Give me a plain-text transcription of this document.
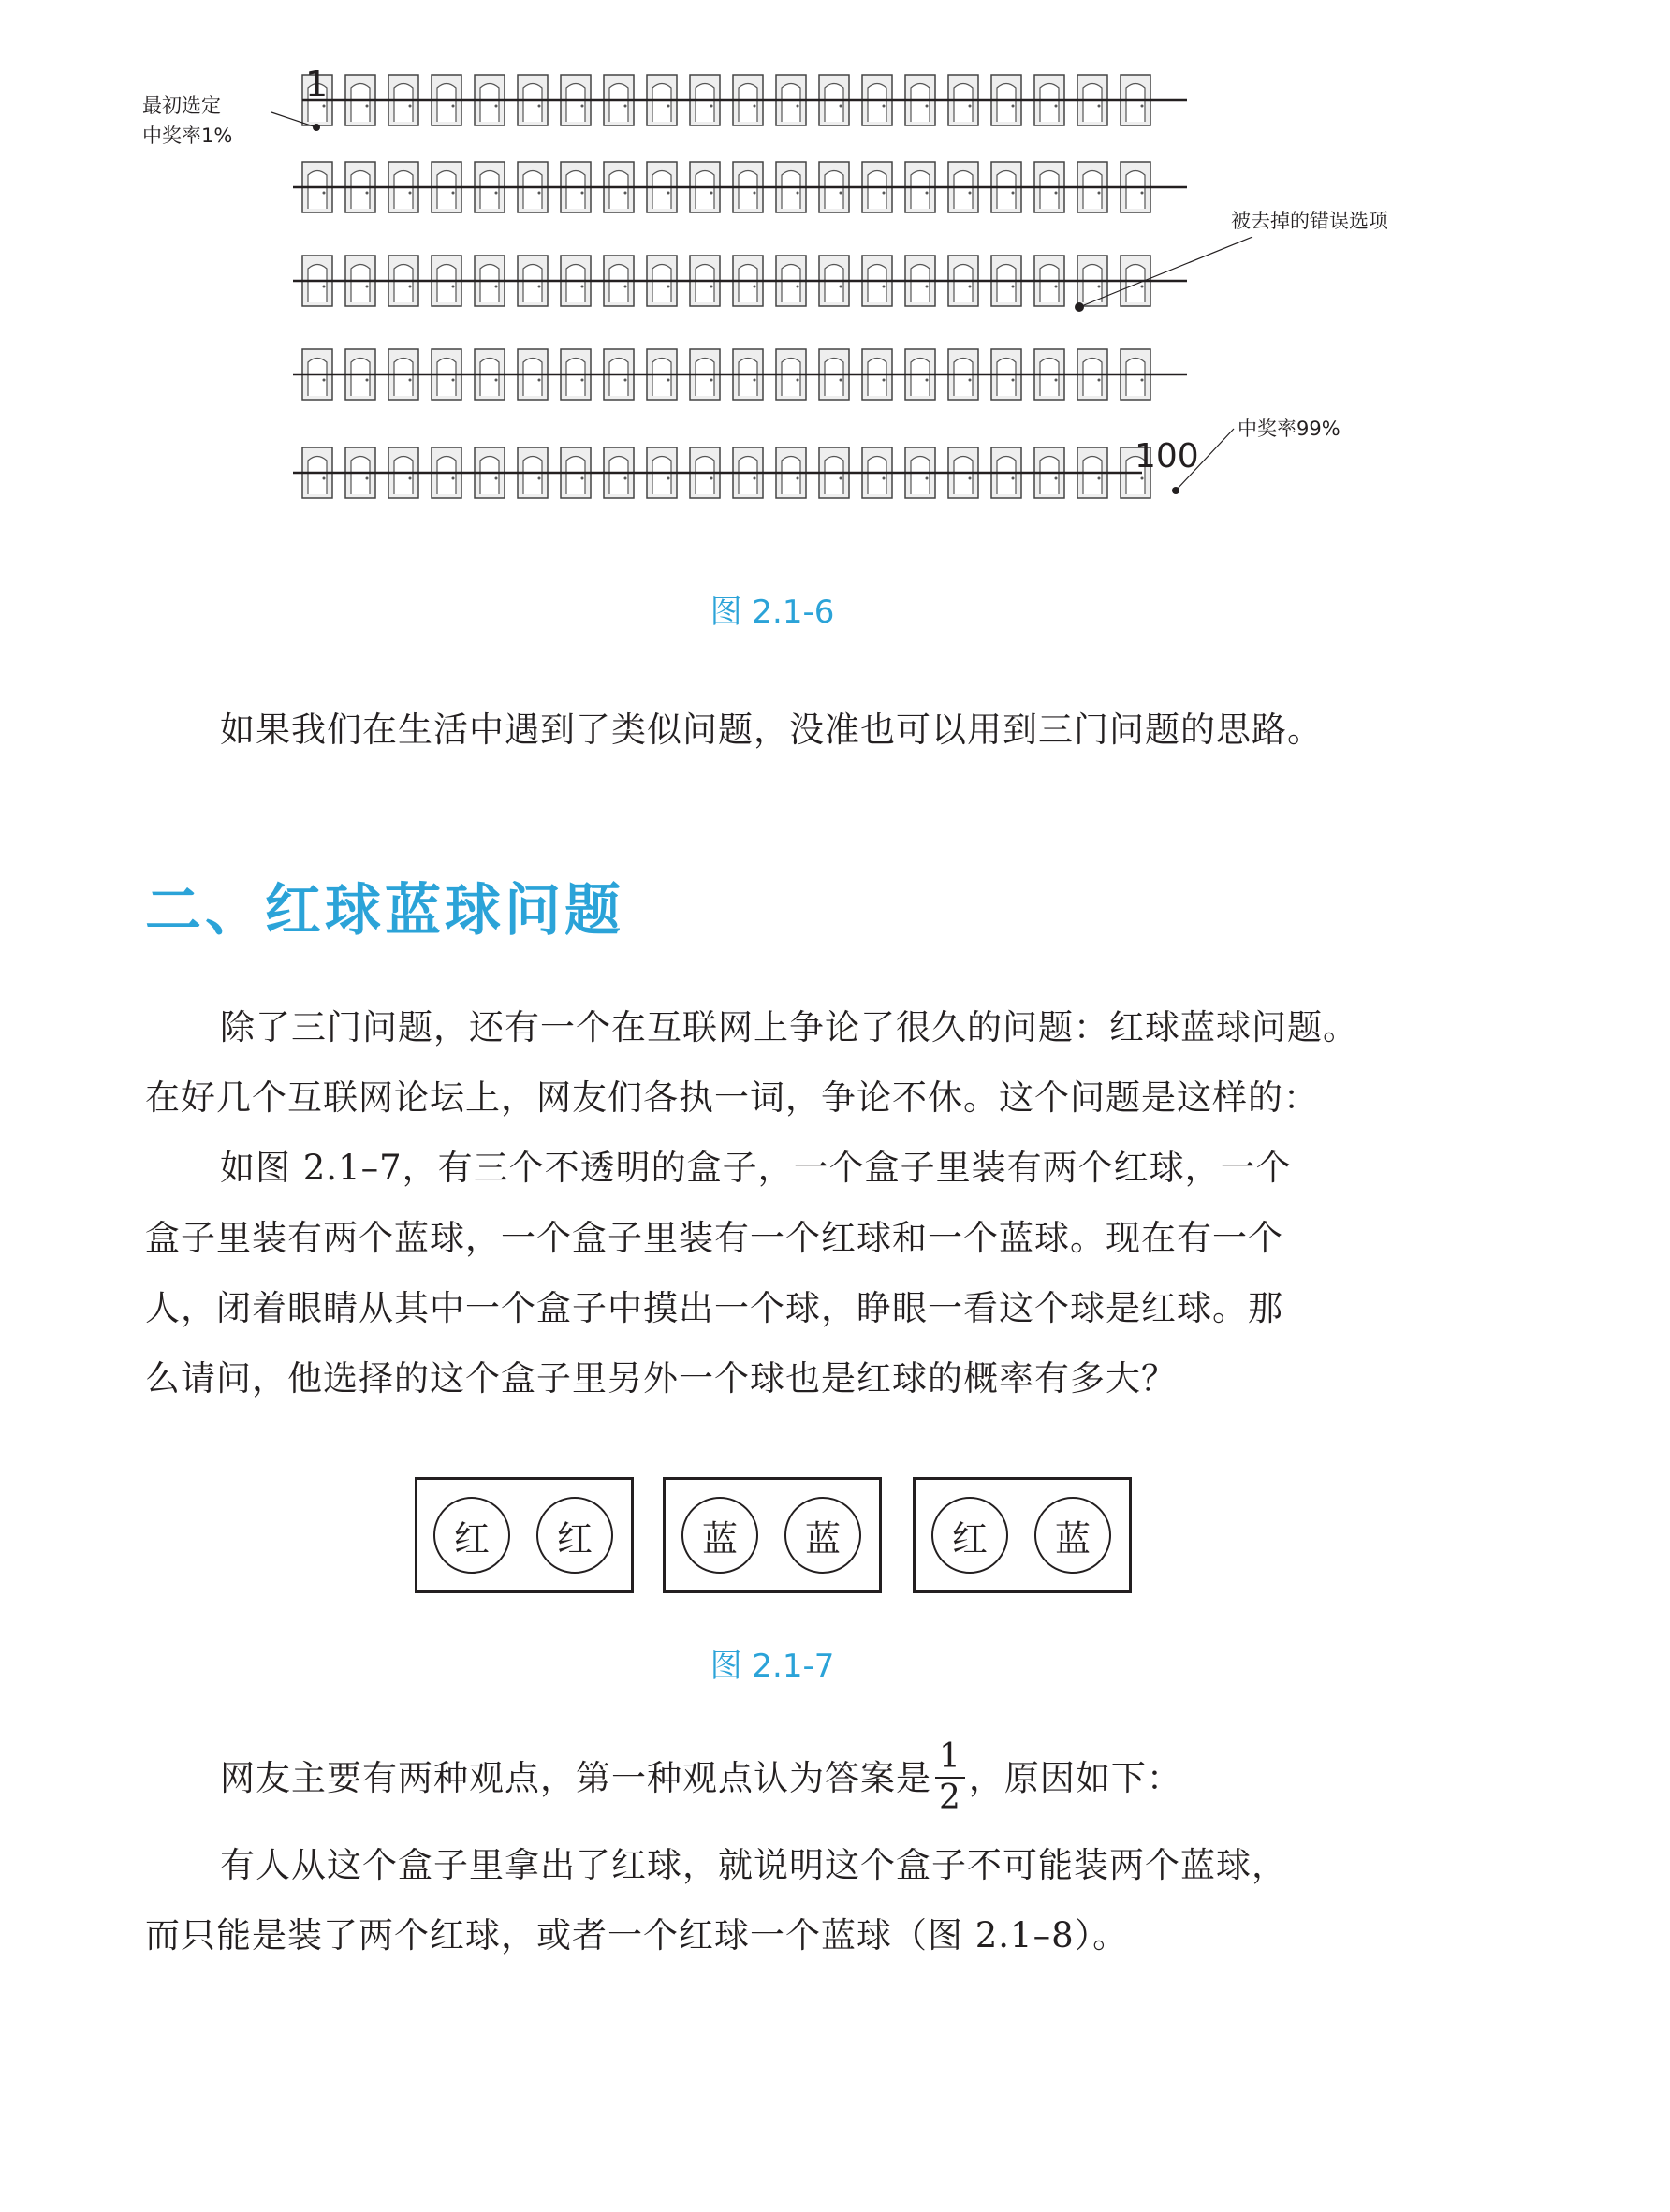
1
100
最初选定
中奖率1%
被去掉的错误选项
中奖率99%
图 2.1-6

如果我们在生活中遇到了类似问题，没准也可以用到三门问题的思路。

二、红球蓝球问题

除了三门问题，还有一个在互联网上争论了很久的问题：红球蓝球问题。

在好几个互联网论坛上，网友们各执一词，争论不休。这个问题是这样的：

如图 2.1–7，有三个不透明的盒子，一个盒子里装有两个红球，一个

盒子里装有两个蓝球，一个盒子里装有一个红球和一个蓝球。现在有一个

人，闭着眼睛从其中一个盒子中摸出一个球，睁眼一看这个球是红球。那

么请问，他选择的这个盒子里另外一个球也是红球的概率有多大？

红	红	蓝	蓝	红	蓝
图 2.1-7

网友主要有两种观点，第一种观点认为答案是 $\frac{1}{2}$ ，原因如下：

有人从这个盒子里拿出了红球，就说明这个盒子不可能装两个蓝球，

而只能是装了两个红球，或者一个红球一个蓝球（图 2.1–8）。
